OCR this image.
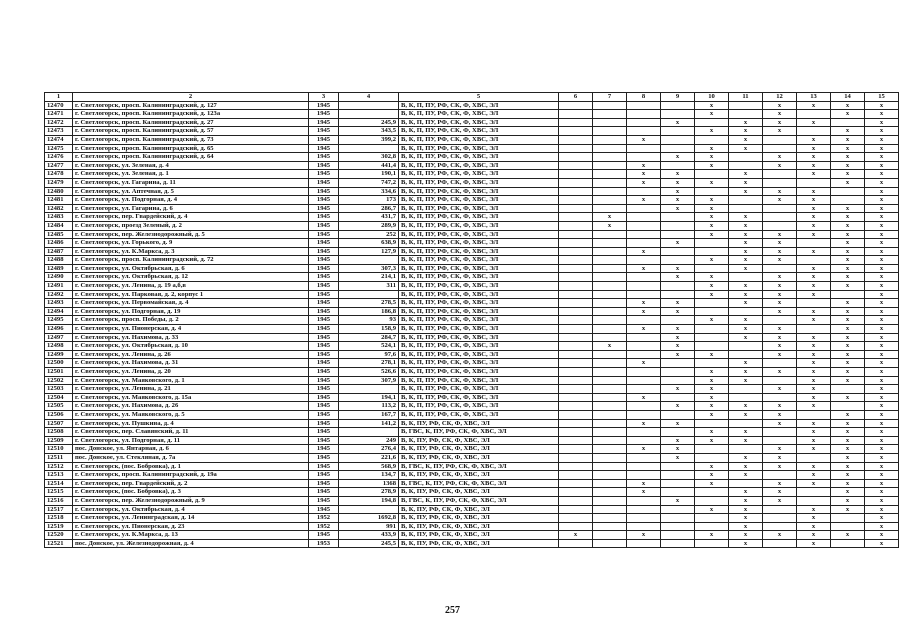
1	2	3	4	5	6	7	8	9	10	11	12	13	14	15
12470	г. Светлогорск, просп. Калининградский, д. 127	1945		В, К, П, ПУ, РФ, СК, Ф, ХВС, ЭЛ					x		x	x	x	x
12471	г. Светлогорск, просп. Калининградский, д. 123а	1945		В, К, П, ПУ, РФ, СК, Ф, ХВС, ЭЛ					x		x		x	x
12472	г. Светлогорск, просп. Калининградский, д. 27	1945	245,9	В, К, П, ПУ, РФ, СК, Ф, ХВС, ЭЛ				x		x	x	x		x
12473	г. Светлогорск, просп. Калининградский, д. 57	1945	343,5	В, К, П, ПУ, РФ, СК, Ф, ХВС, ЭЛ					x	x	x		x	x
12474	г. Светлогорск, просп. Калининградский, д. 73	1945	399,2	В, К, П, ПУ, РФ, СК, Ф, ХВС, ЭЛ			x			x		x	x	x
12475	г. Светлогорск, просп. Калининградский, д. 65	1945		В, К, П, ПУ, РФ, СК, Ф, ХВС, ЭЛ					x	x		x	x	x
12476	г. Светлогорск, просп. Калининградский, д. 64	1945	302,8	В, К, П, ПУ, РФ, СК, Ф, ХВС, ЭЛ				x	x		x	x	x	x
12477	г. Светлогорск, ул. Зеленая, д. 4	1945	441,4	В, К, П, ПУ, РФ, СК, Ф, ХВС, ЭЛ			x		x		x	x	x	x
12478	г. Светлогорск, ул. Зеленая, д. 1	1945	190,1	В, К, П, ПУ, РФ, СК, Ф, ХВС, ЭЛ			x	x		x		x	x	x
12479	г. Светлогорск, ул. Гагарина, д. 11	1945	747,2	В, К, П, ПУ, РФ, СК, Ф, ХВС, ЭЛ			x	x	x	x			x	x
12480	г. Светлогорск, ул. Аптечная, д. 5	1945	334,6	В, К, П, ПУ, РФ, СК, Ф, ХВС, ЭЛ				x		x	x	x		x
12481	г. Светлогорск, ул. Подгорная, д. 4	1945	173	В, К, П, ПУ, РФ, СК, Ф, ХВС, ЭЛ			x	x	x		x	x		x
12482	г. Светлогорск, ул. Гагарина, д. 6	1945	286,7	В, К, П, ПУ, РФ, СК, Ф, ХВС, ЭЛ				x	x			x	x	x
12483	г. Светлогорск, пер. Гвардейский, д. 4	1945	431,7	В, К, П, ПУ, РФ, СК, Ф, ХВС, ЭЛ		x			x	x		x	x	x
12484	г. Светлогорск, проезд Зеленый, д. 2	1945	289,9	В, К, П, ПУ, РФ, СК, Ф, ХВС, ЭЛ		x			x	x		x	x	x
12485	г. Светлогорск, пер. Железнодорожный, д. 5	1945	252	В, К, П, ПУ, РФ, СК, Ф, ХВС, ЭЛ					x	x	x	x	x	x
12486	г. Светлогорск, ул. Горького, д. 9	1945	638,9	В, К, П, ПУ, РФ, СК, Ф, ХВС, ЭЛ				x		x	x		x	x
12487	г. Светлогорск, ул. К.Маркса, д. 3	1945	127,9	В, К, П, ПУ, РФ, СК, Ф, ХВС, ЭЛ			x			x	x	x	x	x
12488	г. Светлогорск, просп. Калининградский, д. 72	1945		В, К, П, ПУ, РФ, СК, Ф, ХВС, ЭЛ					x	x	x		x	x
12489	г. Светлогорск, ул. Октябрьская, д. 6	1945	307,3	В, К, П, ПУ, РФ, СК, Ф, ХВС, ЭЛ			x	x		x		x	x	x
12490	г. Светлогорск, ул. Октябрьская, д. 12	1945	214,1	В, К, П, ПУ, РФ, СК, Ф, ХВС, ЭЛ				x	x		x	x	x	x
12491	г. Светлогорск, ул. Ленина, д. 19 а,б,в	1945	311	В, К, П, ПУ, РФ, СК, Ф, ХВС, ЭЛ					x	x	x	x	x	x
12492	г. Светлогорск, ул. Парковая, д. 2, корпус 1	1945		В, К, П, ПУ, РФ, СК, Ф, ХВС, ЭЛ					x	x	x	x		x
12493	г. Светлогорск, ул. Первомайская, д. 4	1945	278,5	В, К, П, ПУ, РФ, СК, Ф, ХВС, ЭЛ			x	x		x	x		x	x
12494	г. Светлогорск, ул. Подгорная, д. 19	1945	186,8	В, К, П, ПУ, РФ, СК, Ф, ХВС, ЭЛ			x	x			x	x	x	x
12495	г. Светлогорск, просп. Победы, д. 2	1945	93	В, К, П, ПУ, РФ, СК, Ф, ХВС, ЭЛ					x	x		x	x	x
12496	г. Светлогорск, ул. Пионерская, д. 4	1945	158,9	В, К, П, ПУ, РФ, СК, Ф, ХВС, ЭЛ			x	x		x	x		x	x
12497	г. Светлогорск, ул. Нахимова, д. 33	1945	284,7	В, К, П, ПУ, РФ, СК, Ф, ХВС, ЭЛ				x		x	x	x	x	x
12498	г. Светлогорск, ул. Октябрьская, д. 10	1945	524,1	В, К, П, ПУ, РФ, СК, Ф, ХВС, ЭЛ		x		x			x	x	x	x
12499	г. Светлогорск, ул. Ленина, д. 26	1945	97,6	В, К, П, ПУ, РФ, СК, Ф, ХВС, ЭЛ				x	x		x	x	x	x
12500	г. Светлогорск, ул. Нахимова, д. 31	1945	278,1	В, К, П, ПУ, РФ, СК, Ф, ХВС, ЭЛ			x			x		x	x	x
12501	г. Светлогорск, ул. Ленина, д. 20	1945	526,6	В, К, П, ПУ, РФ, СК, Ф, ХВС, ЭЛ					x	x	x	x	x	x
12502	г. Светлогорск, ул. Маяковского, д. 1	1945	307,9	В, К, П, ПУ, РФ, СК, Ф, ХВС, ЭЛ					x	x		x	x	x
12503	г. Светлогорск, ул. Ленина, д. 21	1945		В, К, П, ПУ, РФ, СК, Ф, ХВС, ЭЛ				x	x		x	x		x
12504	г. Светлогорск, ул. Маяковского, д. 15а	1945	194,1	В, К, П, ПУ, РФ, СК, Ф, ХВС, ЭЛ			x		x			x	x	x
12505	г. Светлогорск, ул. Нахимова, д. 26	1945	113,2	В, К, П, ПУ, РФ, СК, Ф, ХВС, ЭЛ				x	x	x	x	x		x
12506	г. Светлогорск, ул. Маяковского, д. 5	1945	167,7	В, К, П, ПУ, РФ, СК, Ф, ХВС, ЭЛ					x	x	x		x	x
12507	г. Светлогорск, ул. Пушкина, д. 4	1945	141,2	В, К, ПУ, РФ, СК, Ф, ХВС, ЭЛ			x	x			x	x	x	x
12508	г. Светлогорск, пер. Славянский, д. 11	1945		В, ГВС, К, ПУ, РФ, СК, Ф, ХВС, ЭЛ					x	x		x	x	x
12509	г. Светлогорск, ул. Подгорная, д. 11	1945	249	В, К, ПУ, РФ, СК, Ф, ХВС, ЭЛ				x	x	x		x	x	x
12510	пос. Донское, ул. Янтарная, д. 6	1945	276,4	В, К, ПУ, РФ, СК, Ф, ХВС, ЭЛ			x	x			x	x	x	x
12511	пос. Донское, ул. Стекляная, д. 7а	1945	221,6	В, К, ПУ, РФ, СК, Ф, ХВС, ЭЛ				x		x	x		x	x
12512	г. Светлогорск, (пос. Бобровка), д. 1	1945	568,9	В, ГВС, К, ПУ, РФ, СК, Ф, ХВС, ЭЛ					x	x	x	x	x	x
12513	г. Светлогорск, просп. Калининградский, д. 19а	1945	134,7	В, К, ПУ, РФ, СК, Ф, ХВС, ЭЛ					x	x		x	x	x
12514	г. Светлогорск, пер. Гвардейский, д. 2	1945	1368	В, ГВС, К, ПУ, РФ, СК, Ф, ХВС, ЭЛ			x		x		x	x	x	x
12515	г. Светлогорск, (пос. Бобровка), д. 3	1945	278,9	В, К, ПУ, РФ, СК, Ф, ХВС, ЭЛ			x			x	x		x	x
12516	г. Светлогорск, пер. Железнодорожный, д. 9	1945	194,8	В, ГВС, К, ПУ, РФ, СК, Ф, ХВС, ЭЛ				x		x	x		x	x
12517	г. Светлогорск, ул. Октябрьская, д. 4	1945		В, К, ПУ, РФ, СК, Ф, ХВС, ЭЛ					x	x		x	x	x
12518	г. Светлогорск, ул. Ленинградская, д. 14	1952	1692,8	В, К, ПУ, РФ, СК, Ф, ХВС, ЭЛ						x		x		x
12519	г. Светлогорск, ул. Пионерская, д. 23	1952	991	В, К, ПУ, РФ, СК, Ф, ХВС, ЭЛ						x		x		x
12520	г. Светлогорск, ул. К.Маркса, д. 13	1945	433,9	В, К, ПУ, РФ, СК, Ф, ХВС, ЭЛ	x		x		x	x	x	x	x	x
12521	пос. Донское, ул. Железнодорожная, д. 4	1953	245,5	В, К, ПУ, РФ, СК, Ф, ХВС, ЭЛ						x		x		x
257
